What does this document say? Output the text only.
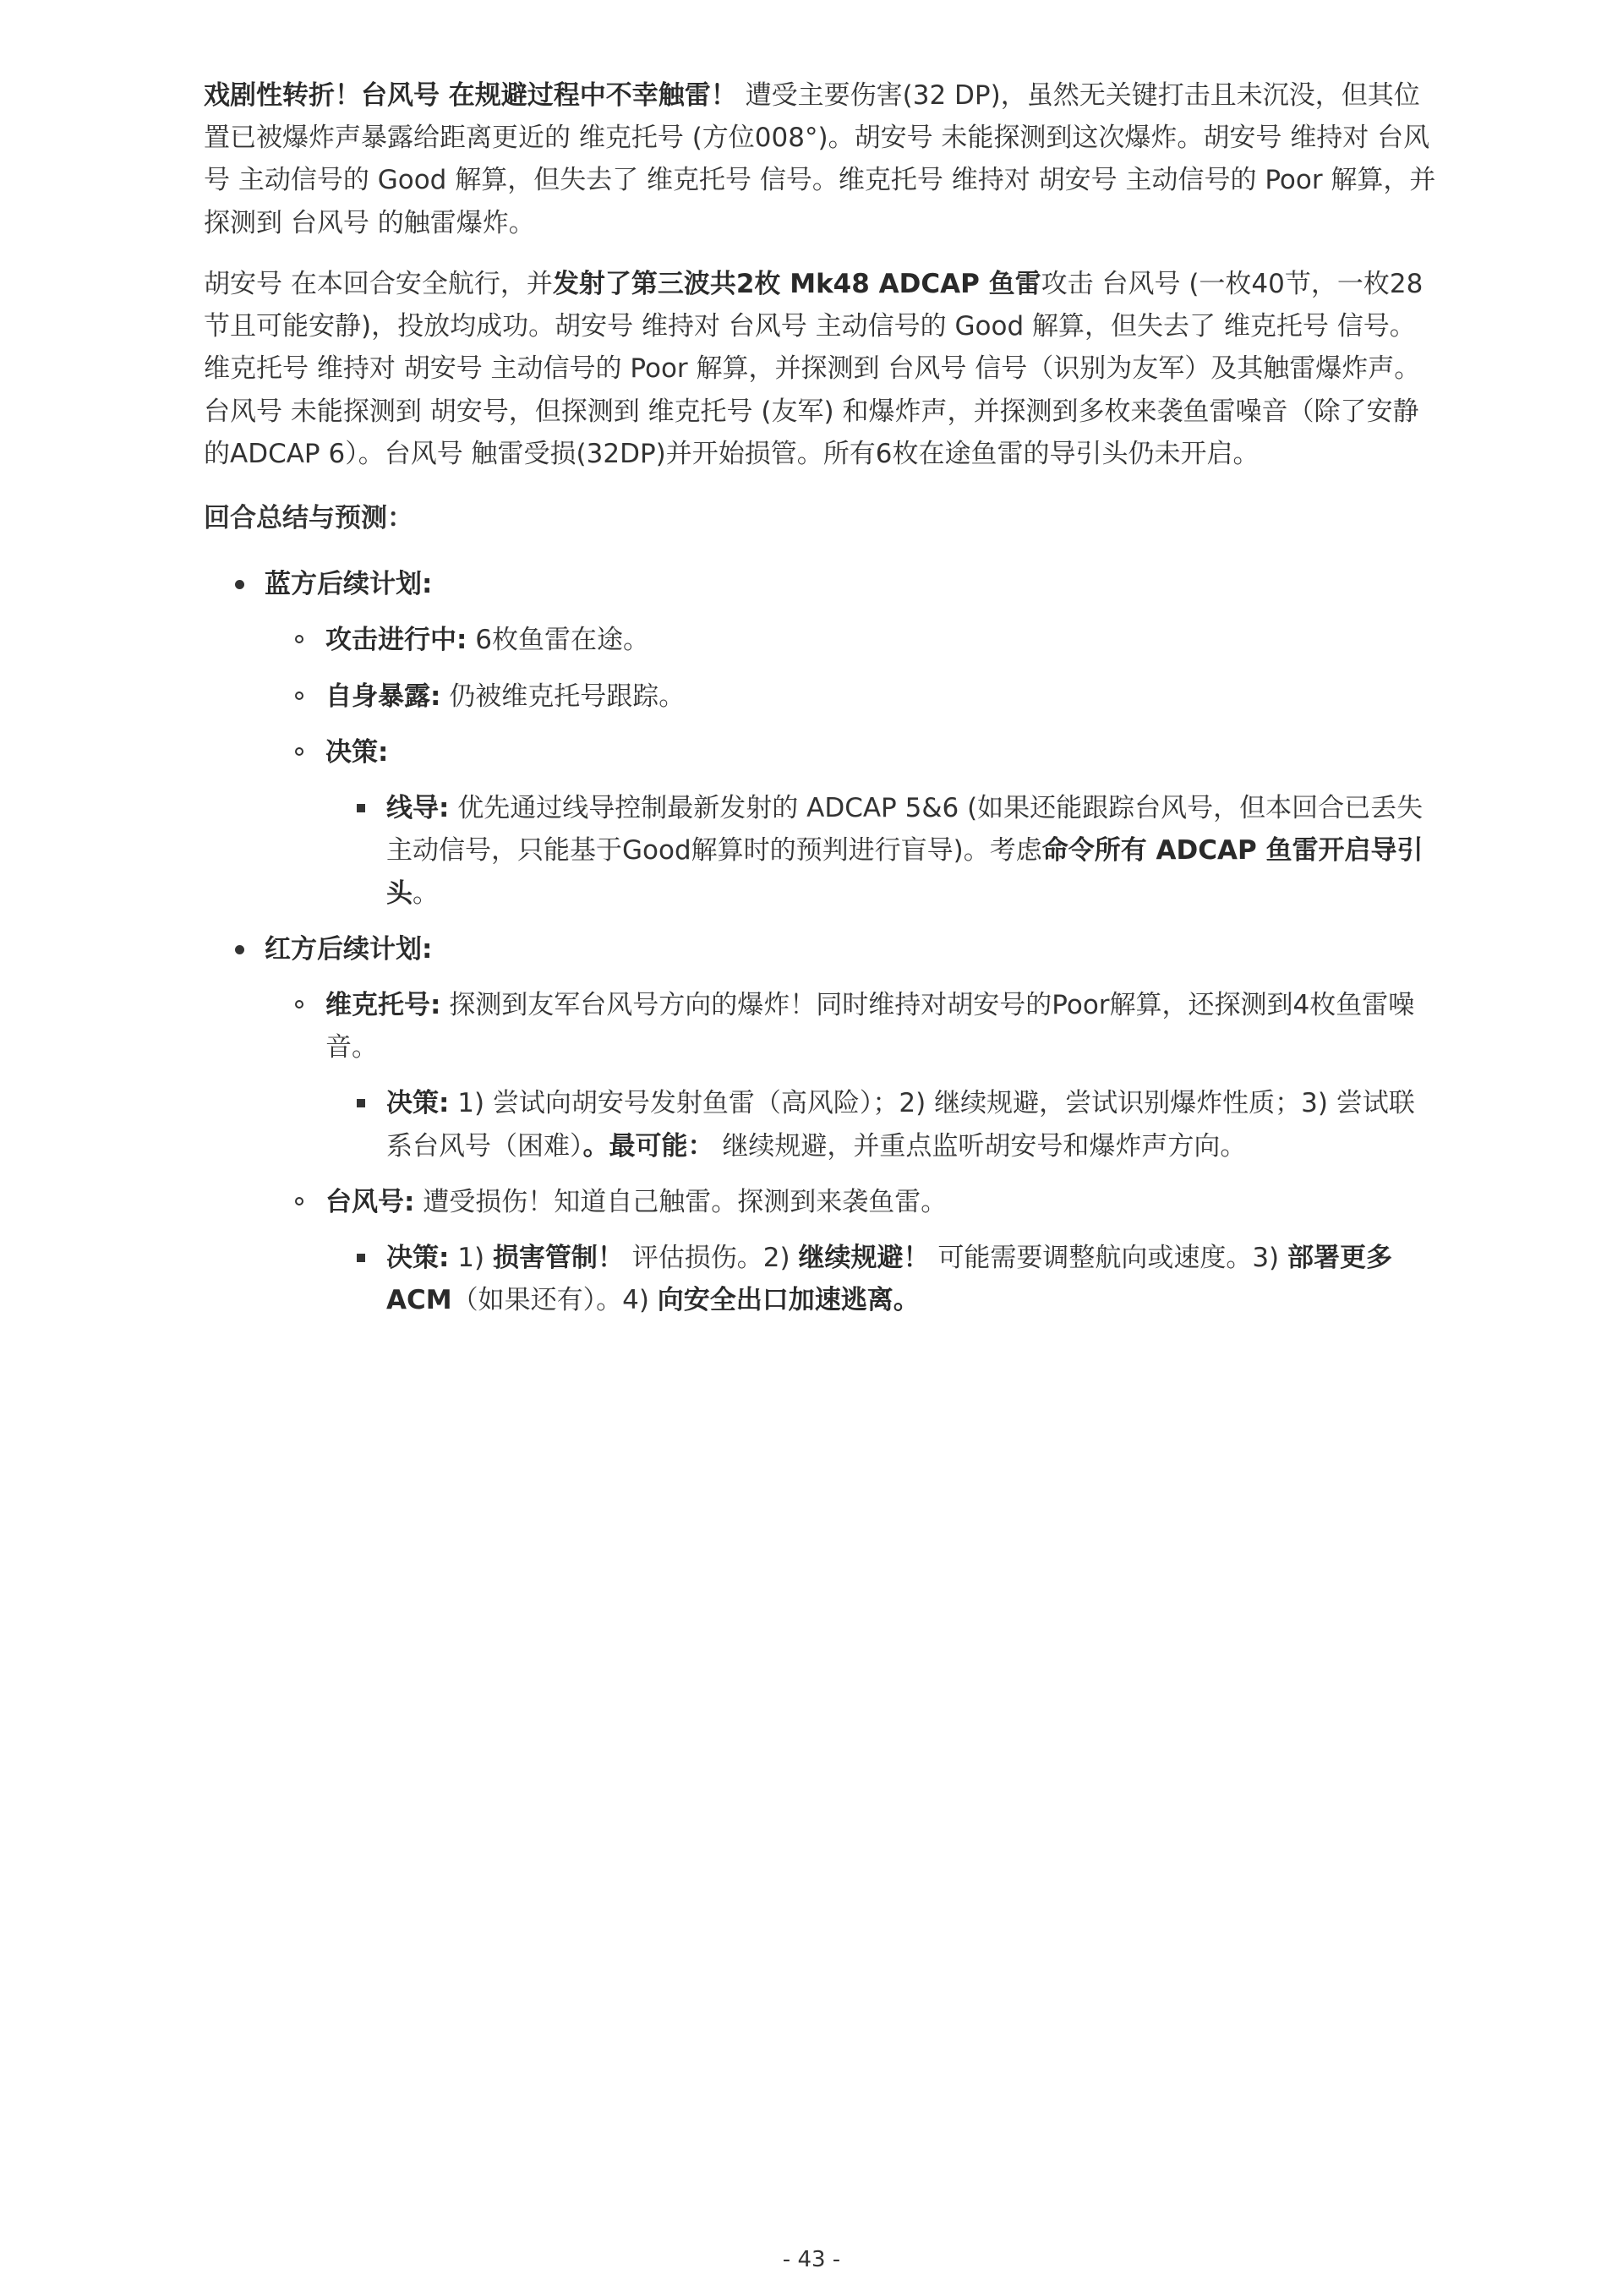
戏剧性转折！台风号 在规避过程中不幸触雷！ 遭受主要伤害(32 DP)，虽然无关键打击且未沉没，但其位置已被爆炸声暴露给距离更近的 维克托号 (方位008°)。胡安号 未能探测到这次爆炸。胡安号 维持对 台风号 主动信号的 Good 解算，但失去了 维克托号 信号。维克托号 维持对 胡安号 主动信号的 Poor 解算，并探测到 台风号 的触雷爆炸。

胡安号 在本回合安全航行，并发射了第三波共2枚 Mk48 ADCAP 鱼雷攻击 台风号 (一枚40节，一枚28节且可能安静)，投放均成功。胡安号 维持对 台风号 主动信号的 Good 解算，但失去了 维克托号 信号。维克托号 维持对 胡安号 主动信号的 Poor 解算，并探测到 台风号 信号（识别为友军）及其触雷爆炸声。台风号 未能探测到 胡安号，但探测到 维克托号 (友军) 和爆炸声，并探测到多枚来袭鱼雷噪音（除了安静的ADCAP 6）。台风号 触雷受损(32DP)并开始损管。所有6枚在途鱼雷的导引头仍未开启。

回合总结与预测：
蓝方后续计划:
攻击进行中: 6枚鱼雷在途。
自身暴露: 仍被维克托号跟踪。
决策:
线导: 优先通过线导控制最新发射的 ADCAP 5&6 (如果还能跟踪台风号，但本回合已丢失主动信号，只能基于Good解算时的预判进行盲导)。考虑命令所有 ADCAP 鱼雷开启导引头。
红方后续计划:
维克托号: 探测到友军台风号方向的爆炸！同时维持对胡安号的Poor解算，还探测到4枚鱼雷噪音。
决策: 1) 尝试向胡安号发射鱼雷（高风险）；2) 继续规避，尝试识别爆炸性质；3) 尝试联系台风号（困难）。最可能： 继续规避，并重点监听胡安号和爆炸声方向。
台风号: 遭受损伤！知道自己触雷。探测到来袭鱼雷。
决策: 1) 损害管制！ 评估损伤。2) 继续规避！ 可能需要调整航向或速度。3) 部署更多 ACM（如果还有）。4) 向安全出口加速逃离。
- 43 -
